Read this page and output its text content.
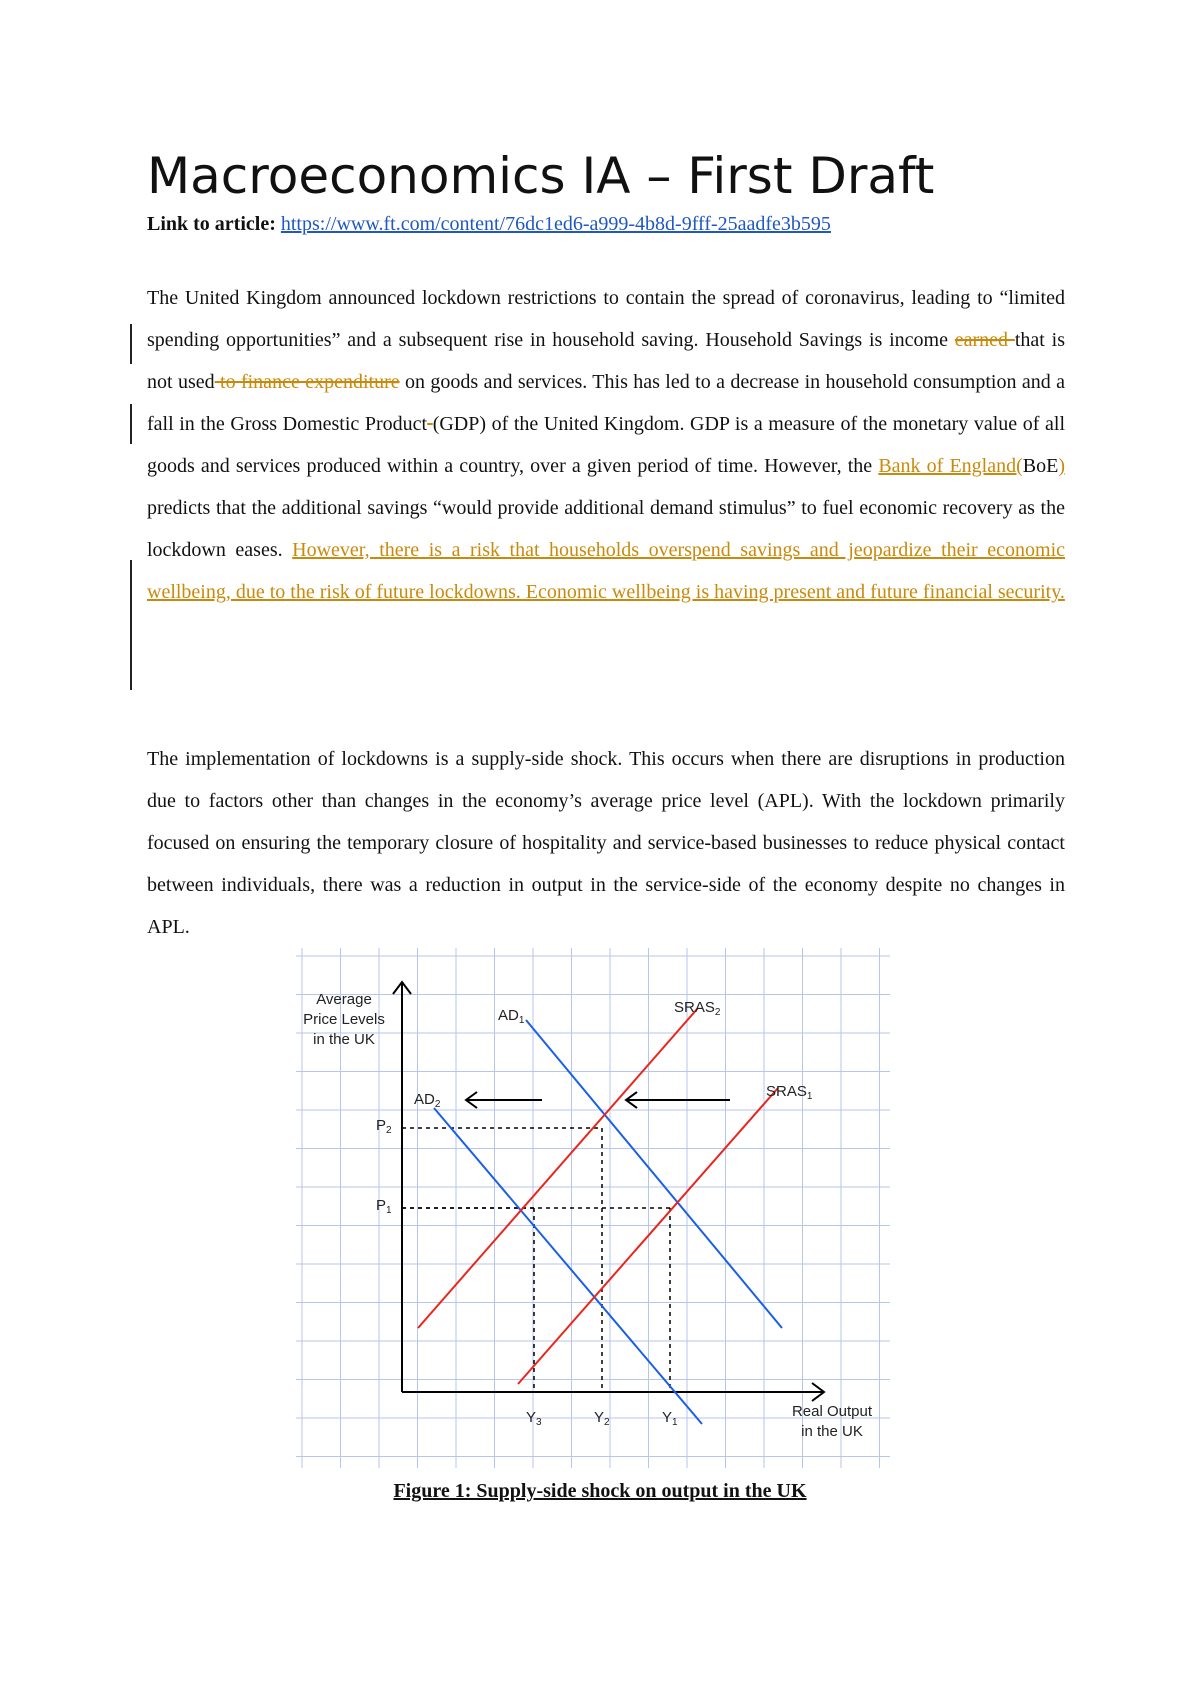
Macroeconomics IA – First Draft
Link to article: https://www.ft.com/content/76dc1ed6-a999-4b8d-9fff-25aadfe3b595

The United Kingdom announced lockdown restrictions to contain the spread of coronavirus, leading to “limited spending opportunities” and a subsequent rise in household saving. Household Savings is income earned that is not used to finance expenditure on goods and services. This has led to a decrease in household consumption and a fall in the Gross Domestic Product (GDP) of the United Kingdom. GDP is a measure of the monetary value of all goods and services produced within a country, over a given period of time. However, the Bank of England(BoE) predicts that the additional savings “would provide additional demand stimulus” to fuel economic recovery as the lockdown eases. However, there is a risk that households overspend savings and jeopardize their economic wellbeing, due to the risk of future lockdowns. Economic wellbeing is having present and future financial security.

The implementation of lockdowns is a supply-side shock. This occurs when there are disruptions in production due to factors other than changes in the economy’s average price level (APL). With the lockdown primarily focused on ensuring the temporary closure of hospitality and service-based businesses to reduce physical contact between individuals, there was a reduction in output in the service-side of the economy despite no changes in APL.

$P_2$
$Y_2$
$P_1$
$Y_3$	$Y_1$
$AD_1$
$AD_2$
$SRAS_2$
$SRAS_1$
Average
Price Levels
in the UK
Real Output
in the UK
Figure 1: Supply-side shock on output in the UK
